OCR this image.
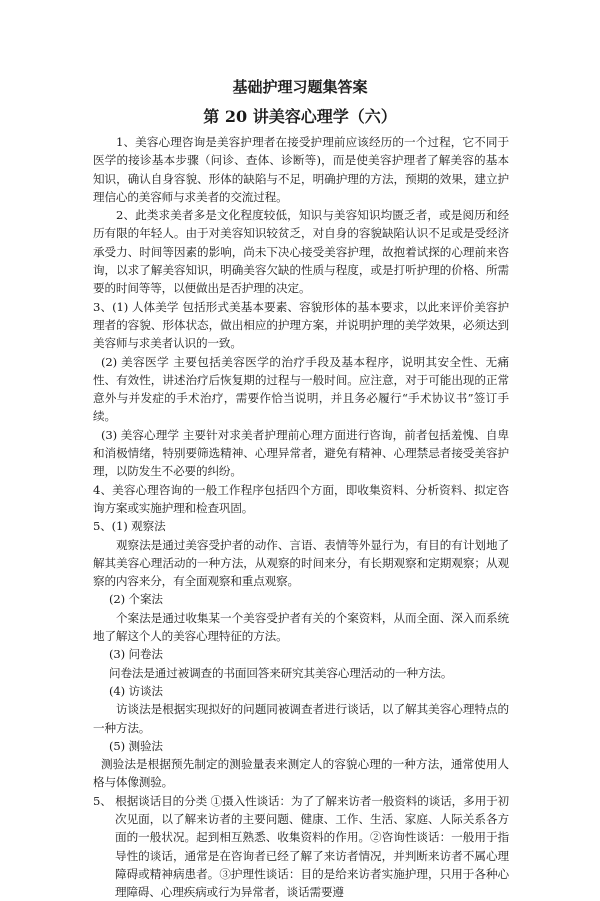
基础护理习题集答案
第 20 讲美容心理学（六）

1、美容心理咨询是美容护理者在接受护理前应该经历的一个过程，它不同于医学的接诊基本步骤（问诊、查体、诊断等)，而是使美容护理者了解美容的基本知识，确认自身容貌、形体的缺陷与不足，明确护理的方法，预期的效果，建立护理信心的美容师与求美者的交流过程。

2、此类求美者多是文化程度较低，知识与美容知识均匮乏者，或是阅历和经历有限的年轻人。由于对美容知识较贫乏，对自身的容貌缺陷认识不足或是受经济承受力、时间等因素的影响，尚未下决心接受美容护理，故抱着试探的心理前来咨询，以求了解美容知识，明确美容欠缺的性质与程度，或是打听护理的价格、所需要的时间等等，以便做出是否护理的决定。

3、(1) 人体美学 包括形式美基本要素、容貌形体的基本要求，以此来评价美容护理者的容貌、形体状态，做出相应的护理方案，并说明护理的美学效果，必须达到美容师与求美者认识的一致。

(2) 美容医学 主要包括美容医学的治疗手段及基本程序，说明其安全性、无痛性、有效性，讲述治疗后恢复期的过程与一般时间。应注意，对于可能出现的正常意外与并发症的手术治疗，需要作恰当说明，并且务必履行“手术协议书”签订手续。

(3) 美容心理学 主要针对求美者护理前心理方面进行咨询，前者包括羞愧、自卑和消极情绪，特别要筛选精神、心理异常者，避免有精神、心理禁忌者接受美容护理，以防发生不必要的纠纷。

4、美容心理咨询的一般工作程序包括四个方面，即收集资料、分析资料、拟定咨询方案或实施护理和检查巩固。

5、(1) 观察法

观察法是通过美容受护者的动作、言语、表情等外显行为，有目的有计划地了解其美容心理活动的一种方法，从观察的时间来分，有长期观察和定期观察；从观察的内容来分，有全面观察和重点观察。

(2) 个案法

个案法是通过收集某一个美容受护者有关的个案资料，从而全面、深入而系统地了解这个人的美容心理特征的方法。

(3) 问卷法

问卷法是通过被调查的书面回答来研究其美容心理活动的一种方法。

(4) 访谈法

访谈法是根据实现拟好的问题同被调查者进行谈话，以了解其美容心理特点的一种方法。

(5) 测验法

测验法是根据预先制定的测验量表来测定人的容貌心理的一种方法，通常使用人格与体像测验。

5、 根据谈话目的分类 ①摄入性谈话：为了了解来访者一般资料的谈话，多用于初次见面，以了解来访者的主要问题、健康、工作、生活、家庭、人际关系各方面的一般状况。起到相互熟悉、收集资料的作用。②咨询性谈话：一般用于指导性的谈话，通常是在咨询者已经了解了来访者情况，并判断来访者不属心理障碍或精神病患者。③护理性谈话：目的是给来访者实施护理，只用于各种心理障碍、心理疾病或行为异常者，谈话需要遵
